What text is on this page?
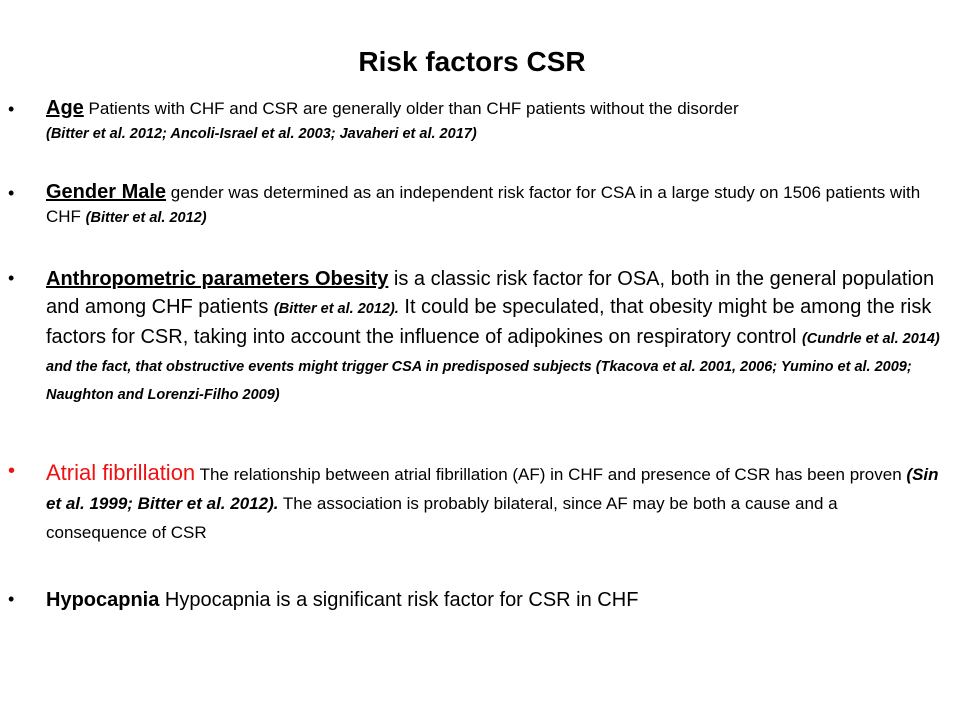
Risk factors CSR
•	Age Patients with CHF and CSR are generally older than CHF patients without the disorder
(Bitter et al. 2012; Ancoli-Israel et al. 2003; Javaheri et al. 2017)
•	Gender Male gender was determined as an independent risk factor for CSA in a large study on 1506 patients with CHF (Bitter et al. 2012)
•	Anthropometric parameters Obesity is a classic risk factor for OSA, both in the general population and among CHF patients (Bitter et al. 2012). It could be speculated, that obesity might be among the risk factors for CSR, taking into account the influence of adipokines on respiratory control (Cundrle et al. 2014) and the fact, that obstructive events might trigger CSA in predisposed subjects (Tkacova et al. 2001, 2006; Yumino et al. 2009; Naughton and Lorenzi-Filho 2009)
•	Atrial fibrillation The relationship between atrial fibrillation (AF) in CHF and presence of CSR has been proven (Sin et al. 1999; Bitter et al. 2012). The association is probably bilateral, since AF may be both a cause and a consequence of CSR
•	Hypocapnia Hypocapnia is a significant risk factor for CSR in CHF
